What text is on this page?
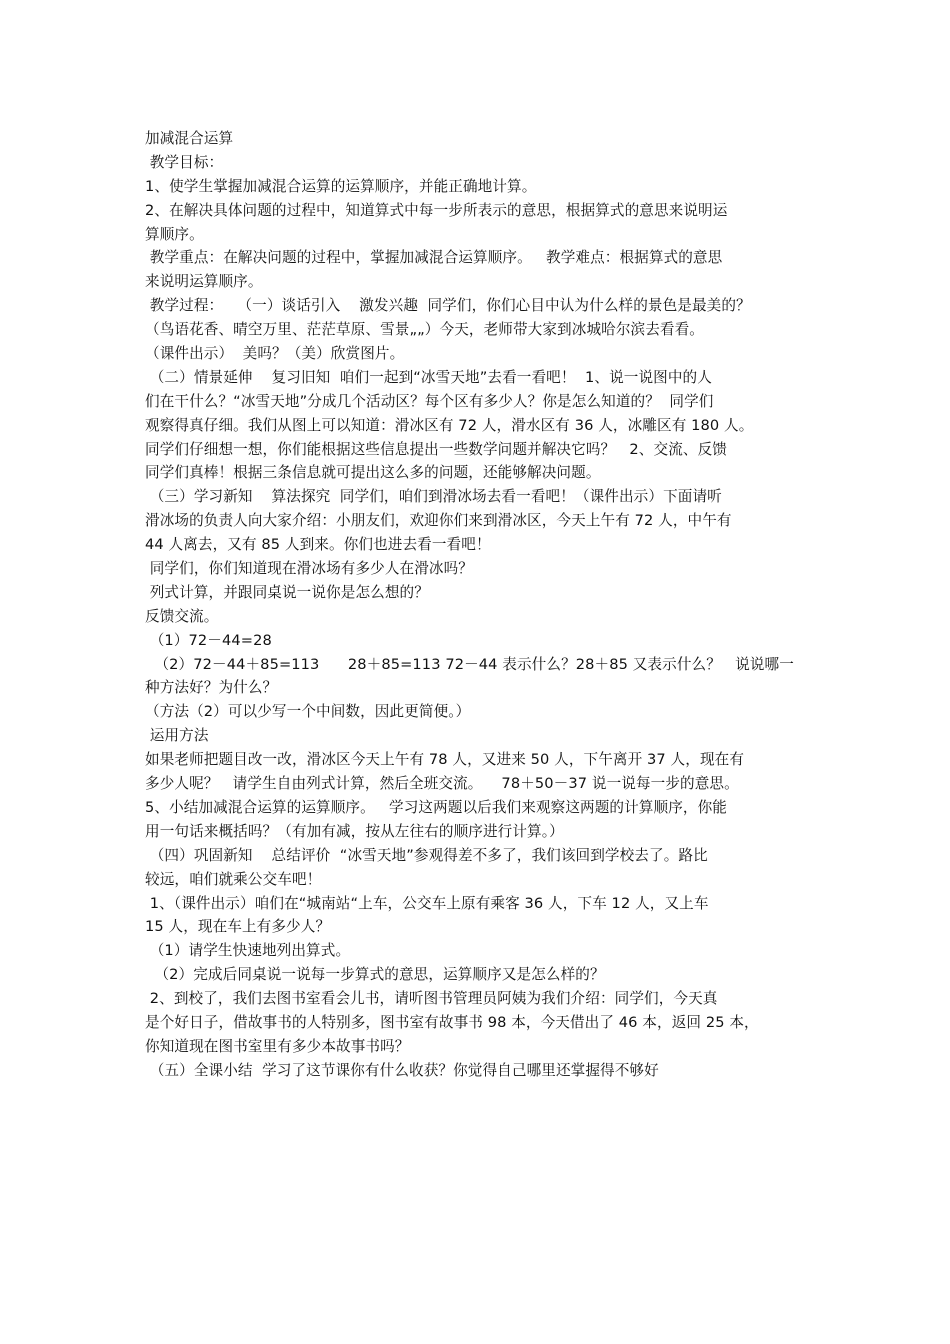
加减混合运算
教学目标：
1、使学生掌握加减混合运算的运算顺序，并能正确地计算。
2、在解决具体问题的过程中，知道算式中每一步所表示的意思，根据算式的意思来说明运
算顺序。
教学重点：在解决问题的过程中，掌握加减混合运算顺序。   教学难点：根据算式的意思
来说明运算顺序。
教学过程：   （一）谈话引入    激发兴趣  同学们，你们心目中认为什么样的景色是最美的？
（鸟语花香、晴空万里、茫茫草原、雪景„„）今天，老师带大家到冰城哈尔滨去看看。
（课件出示）  美吗？（美）欣赏图片。
（二）情景延伸    复习旧知  咱们一起到“冰雪天地”去看一看吧！  1、说一说图中的人
们在干什么？“冰雪天地”分成几个活动区？每个区有多少人？你是怎么知道的？  同学们
观察得真仔细。我们从图上可以知道：滑冰区有 72 人，滑水区有 36 人，冰雕区有 180 人。
同学们仔细想一想，你们能根据这些信息提出一些数学问题并解决它吗？   2、交流、反馈
同学们真棒！根据三条信息就可提出这么多的问题，还能够解决问题。
（三）学习新知    算法探究  同学们，咱们到滑冰场去看一看吧！（课件出示）下面请听
滑冰场的负责人向大家介绍：小朋友们，欢迎你们来到滑冰区，今天上午有 72 人，中午有
44 人离去，又有 85 人到来。你们也进去看一看吧！
同学们，你们知道现在滑冰场有多少人在滑冰吗？
列式计算，并跟同桌说一说你是怎么想的？
反馈交流。
（1）72－44=28
（2）72－44＋85=113      28＋85=113 72－44 表示什么？28＋85 又表示什么？   说说哪一
种方法好？为什么？
（方法（2）可以少写一个中间数，因此更简便。）
运用方法
如果老师把题目改一改，滑冰区今天上午有 78 人，又进来 50 人，下午离开 37 人，现在有
多少人呢？   请学生自由列式计算，然后全班交流。    78＋50－37 说一说每一步的意思。
5、小结加减混合运算的运算顺序。   学习这两题以后我们来观察这两题的计算顺序，你能
用一句话来概括吗？（有加有减，按从左往右的顺序进行计算。）
（四）巩固新知    总结评价  “冰雪天地”参观得差不多了，我们该回到学校去了。路比
较远，咱们就乘公交车吧！
1、（课件出示）咱们在“城南站“上车，公交车上原有乘客 36 人，下车 12 人，又上车
15 人，现在车上有多少人？
（1）请学生快速地列出算式。
（2）完成后同桌说一说每一步算式的意思，运算顺序又是怎么样的？
2、到校了，我们去图书室看会儿书，请听图书管理员阿姨为我们介绍：同学们，今天真
是个好日子，借故事书的人特别多，图书室有故事书 98 本，今天借出了 46 本，返回 25 本，
你知道现在图书室里有多少本故事书吗？
（五）全课小结  学习了这节课你有什么收获？你觉得自己哪里还掌握得不够好
